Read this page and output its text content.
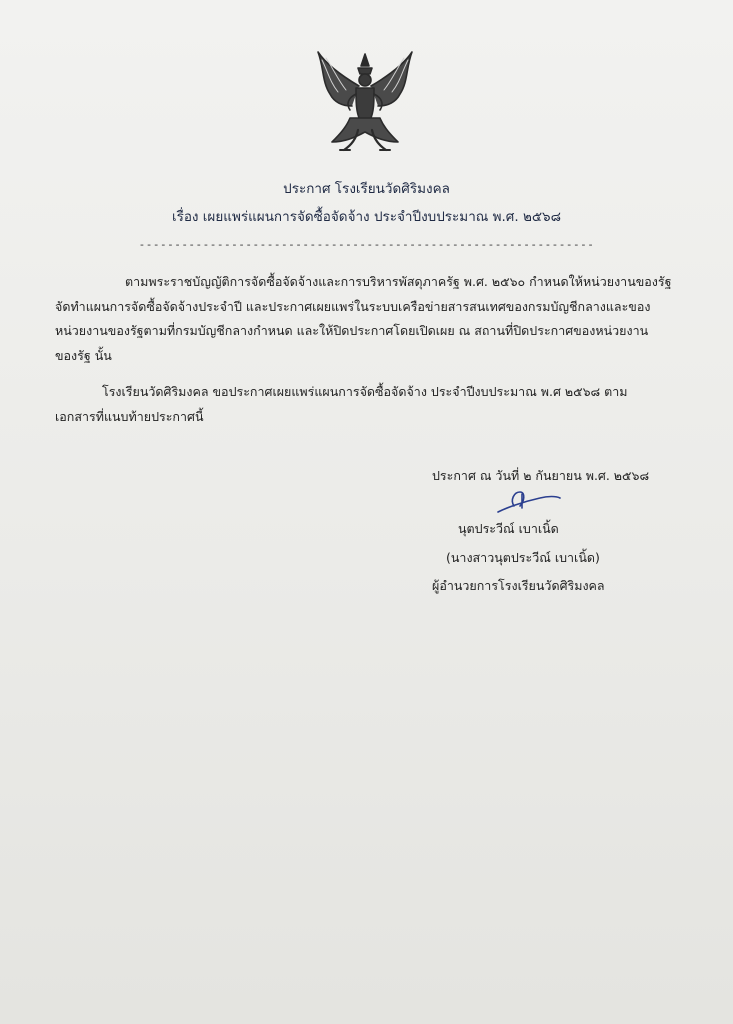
ประกาศ โรงเรียนวัดศิริมงคล
เรื่อง เผยแพร่แผนการจัดซื้อจัดจ้าง ประจำปีงบประมาณ พ.ศ. ๒๕๖๘
----------------------------------------------------------------
ตามพระราชบัญญัติการจัดซื้อจัดจ้างและการบริหารพัสดุภาครัฐ พ.ศ. ๒๕๖๐ กำหนดให้หน่วยงานของรัฐ
จัดทำแผนการจัดซื้อจัดจ้างประจำปี และประกาศเผยแพร่ในระบบเครือข่ายสารสนเทศของกรมบัญชีกลางและของ
หน่วยงานของรัฐตามที่กรมบัญชีกลางกำหนด และให้ปิดประกาศโดยเปิดเผย ณ สถานที่ปิดประกาศของหน่วยงาน
ของรัฐ นั้น
โรงเรียนวัดศิริมงคล ขอประกาศเผยแพร่แผนการจัดซื้อจัดจ้าง ประจำปีงบประมาณ พ.ศ ๒๕๖๘ ตาม
เอกสารที่แนบท้ายประกาศนี้
ประกาศ ณ วันที่ ๒ กันยายน พ.ศ. ๒๕๖๘
นุตประวีณ์ เบาเนิ้ด
(นางสาวนุตประวีณ์ เบาเนิ้ด)
ผู้อำนวยการโรงเรียนวัดศิริมงคล
